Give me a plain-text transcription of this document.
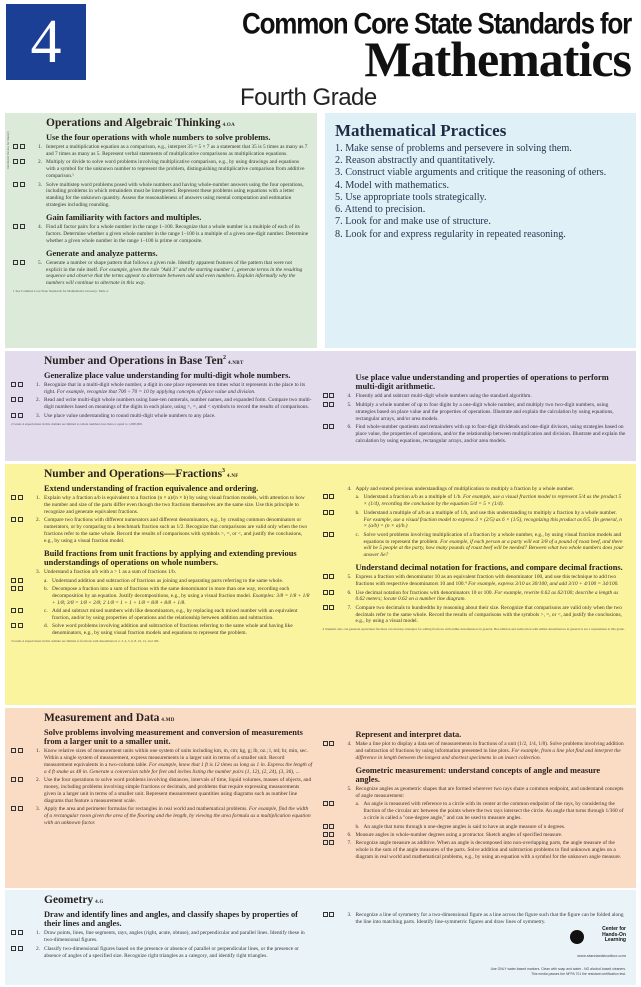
4	Common Core State Standards for
Mathematics
Fourth Grade
Introduced Review for Mastery
Operations and Algebraic Thinking 4.OA
Use the four operations with whole numbers to solve problems.
1. Interpret a multiplication equation as a comparison, e.g., interpret 35 = 5 × 7 as a statement that 35 is 5 times as many as 7 and 7 times as many as 5. Represent verbal statements of multiplicative comparisons as multiplication equations.
2. Multiply or divide to solve word problems involving multiplicative comparison, e.g., by using drawings and equations with a symbol for the unknown number to represent the problem, distinguishing multiplicative comparison from additive comparison.¹
3. Solve multistep word problems posed with whole numbers and having whole-number answers using the four operations, including problems in which remainders must be interpreted. Represent these problems using equations with a letter standing for the unknown quantity. Assess the reasonableness of answers using mental computation and estimation strategies including rounding.
Gain familiarity with factors and multiples.
4. Find all factor pairs for a whole number in the range 1–100. Recognize that a whole number is a multiple of each of its factors. Determine whether a given whole number in the range 1–100 is a multiple of a given one-digit number. Determine whether a given whole number in the range 1–100 is prime or composite.
Generate and analyze patterns.
5. Generate a number or shape pattern that follows a given rule. Identify apparent features of the pattern that were not explicit in the rule itself. For example, given the rule "Add 3" and the starting number 1, generate terms in the resulting sequence and observe that the terms appear to alternate between odd and even numbers. Explain informally why the numbers will continue to alternate in this way.
1 See Common Core State Standards for Mathematics Glossary, Table 2.
Mathematical Practices
1. Make sense of problems and persevere in solving them.
2. Reason abstractly and quantitatively.
3. Construct viable arguments and critique the reasoning of others.
4. Model with mathematics.
5. Use appropriate tools strategically.
6. Attend to precision.
7. Look for and make use of structure.
8. Look for and express regularity in repeated reasoning.
Number and Operations in Base Ten$^2$4.NBT
Generalize place value understanding for multi-digit whole numbers.
1. Recognize that in a multi-digit whole number, a digit in one place represents ten times what it represents in the place to its right. For example, recognize that 700 ÷ 70 = 10 by applying concepts of place value and division.
2. Read and write multi-digit whole numbers using base-ten numerals, number names, and expanded form. Compare two multi-digit numbers based on meanings of the digits in each place, using >, =, and < symbols to record the results of comparisons.
3. Use place value understanding to round multi-digit whole numbers to any place.
2 Grade 4 expectations in this domain are limited to whole numbers less than or equal to 1,000,000.
Use place value understanding and properties of operations to perform multi-digit arithmetic.
4. Fluently add and subtract multi-digit whole numbers using the standard algorithm.
5. Multiply a whole number of up to four digits by a one-digit whole number, and multiply two two-digit numbers, using strategies based on place value and the properties of operations. Illustrate and explain the calculation by using equations, rectangular arrays, and/or area models.
6. Find whole-number quotients and remainders with up to four-digit dividends and one-digit divisors, using strategies based on place value, the properties of operations, and/or the relationship between multiplication and division. Illustrate and explain the calculation by using equations, rectangular arrays, and/or area models.
Number and Operations—Fractions$^3$4.NF
Extend understanding of fraction equivalence and ordering.
1. Explain why a fraction a/b is equivalent to a fraction (n × a)/(n × b) by using visual fraction models, with attention to how the number and size of the parts differ even though the two fractions themselves are the same size. Use this principle to recognize and generate equivalent fractions.
2. Compare two fractions with different numerators and different denominators, e.g., by creating common denominators or numerators, or by comparing to a benchmark fraction such as 1/2. Recognize that comparisons are valid only when the two fractions refer to the same whole. Record the results of comparisons with symbols >, =, or <, and justify the conclusions, e.g., by using a visual fraction model.
Build fractions from unit fractions by applying and extending previous understandings of operations on whole numbers.
3. Understand a fraction a/b with a > 1 as a sum of fractions 1/b.
a. Understand addition and subtraction of fractions as joining and separating parts referring to the same whole.
b. Decompose a fraction into a sum of fractions with the same denominator in more than one way, recording each decomposition by an equation. Justify decompositions, e.g., by using a visual fraction model. Examples: 3/8 = 1/8 + 1/8 + 1/8; 3/8 = 1/8 + 2/8; 2 1/8 = 1 + 1 + 1/8 = 8/8 + 8/8 + 1/8.
c. Add and subtract mixed numbers with like denominators, e.g., by replacing each mixed number with an equivalent fraction, and/or by using properties of operations and the relationship between addition and subtraction.
d. Solve word problems involving addition and subtraction of fractions referring to the same whole and having like denominators, e.g., by using visual fraction models and equations to represent the problem.
3 Grade 4 expectations in this domain are limited to fractions with denominators 2, 3, 4, 5, 6, 8, 10, 12, and 100.
4. Apply and extend previous understandings of multiplication to multiply a fraction by a whole number.
a. Understand a fraction a/b as a multiple of 1/b. For example, use a visual fraction model to represent 5/4 as the product 5 × (1/4), recording the conclusion by the equation 5/4 = 5 × (1/4).
b. Understand a multiple of a/b as a multiple of 1/b, and use this understanding to multiply a fraction by a whole number. For example, use a visual fraction model to express 3 × (2/5) as 6 × (1/5), recognizing this product as 6/5. (In general, n × (a/b) = (n × a)/b.)
c. Solve word problems involving multiplication of a fraction by a whole number, e.g., by using visual fraction models and equations to represent the problem. For example, if each person at a party will eat 3/8 of a pound of roast beef, and there will be 5 people at the party, how many pounds of roast beef will be needed? Between what two whole numbers does your answer lie?
Understand decimal notation for fractions, and compare decimal fractions.
5. Express a fraction with denominator 10 as an equivalent fraction with denominator 100, and use this technique to add two fractions with respective denominators 10 and 100.⁴ For example, express 3/10 as 30/100, and add 3/10 + 4/100 = 34/100.
6. Use decimal notation for fractions with denominators 10 or 100. For example, rewrite 0.62 as 62/100; describe a length as 0.62 meters; locate 0.62 on a number line diagram.
7. Compare two decimals to hundredths by reasoning about their size. Recognize that comparisons are valid only when the two decimals refer to the same whole. Record the results of comparisons with the symbols >, =, or <, and justify the conclusions, e.g., by using a visual model.
4 Students who can generate equivalent fractions can develop strategies for adding fractions with unlike denominators in general. But addition and subtraction with unlike denominators in general is not a requirement at this grade.
Measurement and Data 4.MD
Solve problems involving measurement and conversion of measurements from a larger unit to a smaller unit.
1. Know relative sizes of measurement units within one system of units including km, m, cm; kg, g; lb, oz.; l, ml; hr, min, sec. Within a single system of measurement, express measurements in a larger unit in terms of a smaller unit. Record measurement equivalents in a two-column table. For example, know that 1 ft is 12 times as long as 1 in. Express the length of a 4 ft snake as 48 in. Generate a conversion table for feet and inches listing the number pairs (1, 12), (2, 24), (3, 36), ...
2. Use the four operations to solve word problems involving distances, intervals of time, liquid volumes, masses of objects, and money, including problems involving simple fractions or decimals, and problems that require expressing measurements given in a larger unit in terms of a smaller unit. Represent measurement quantities using diagrams such as number line diagrams that feature a measurement scale.
3. Apply the area and perimeter formulas for rectangles in real world and mathematical problems. For example, find the width of a rectangular room given the area of the flooring and the length, by viewing the area formula as a multiplication equation with an unknown factor.
Represent and interpret data.
4. Make a line plot to display a data set of measurements in fractions of a unit (1/2, 1/4, 1/8). Solve problems involving addition and subtraction of fractions by using information presented in line plots. For example, from a line plot find and interpret the difference in length between the longest and shortest specimens in an insect collection.
Geometric measurement: understand concepts of angle and measure angles.
5. Recognize angles as geometric shapes that are formed wherever two rays share a common endpoint, and understand concepts of angle measurement:
a. An angle is measured with reference to a circle with its center at the common endpoint of the rays, by considering the fraction of the circular arc between the points where the two rays intersect the circle. An angle that turns through 1/360 of a circle is called a "one-degree angle," and can be used to measure angles.
b. An angle that turns through n one-degree angles is said to have an angle measure of n degrees.
6. Measure angles in whole-number degrees using a protractor. Sketch angles of specified measure.
7. Recognize angle measure as additive. When an angle is decomposed into non-overlapping parts, the angle measure of the whole is the sum of the angle measures of the parts. Solve addition and subtraction problems to find unknown angles on a diagram in real world and mathematical problems, e.g., by using an equation with a symbol for the unknown angle measure.
Center for Hands-On Learning
www.standardstoolbox.com
Use ONLY water-based markers. Clean with soap and water - NO alcohol-based cleaners.
This media passes the NFPA 701 fire resistant certification test.
Geometry 4.G
Draw and identify lines and angles, and classify shapes by properties of their lines and angles.
1. Draw points, lines, line segments, rays, angles (right, acute, obtuse), and perpendicular and parallel lines. Identify these in two-dimensional figures.
2. Classify two-dimensional figures based on the presence or absence of parallel or perpendicular lines, or the presence or absence of angles of a specified size. Recognize right triangles as a category, and identify right triangles.
3. Recognize a line of symmetry for a two-dimensional figure as a line across the figure such that the figure can be folded along the line into matching parts. Identify line-symmetric figures and draw lines of symmetry.
